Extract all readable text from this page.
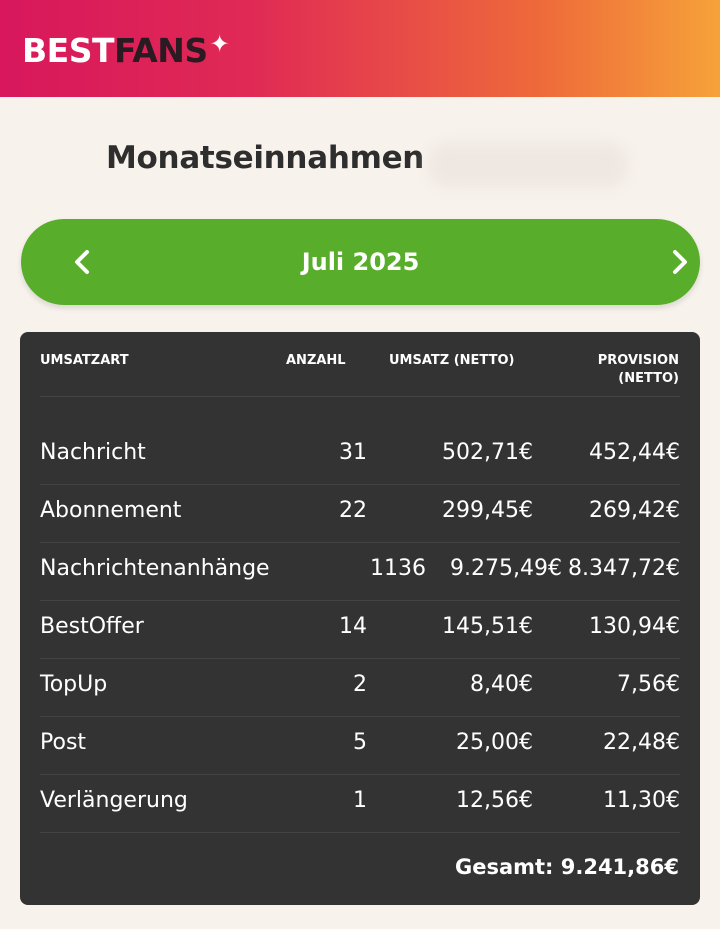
BEST FANS ✦
Monatseinnahmen
Juli 2025
UMSATZART	ANZAHL	UMSATZ (NETTO)	PROVISION
(NETTO)
Nachricht	31	502,71€	452,44€
Abonnement	22	299,45€	269,42€
Nachrichtenanhänge	1136 9.275,49€ 8.347,72€
BestOffer	14	145,51€	130,94€
TopUp	2	8,40€	7,56€
Post	5	25,00€	22,48€
Verlängerung	1	12,56€	11,30€
Gesamt: 9.241,86€
